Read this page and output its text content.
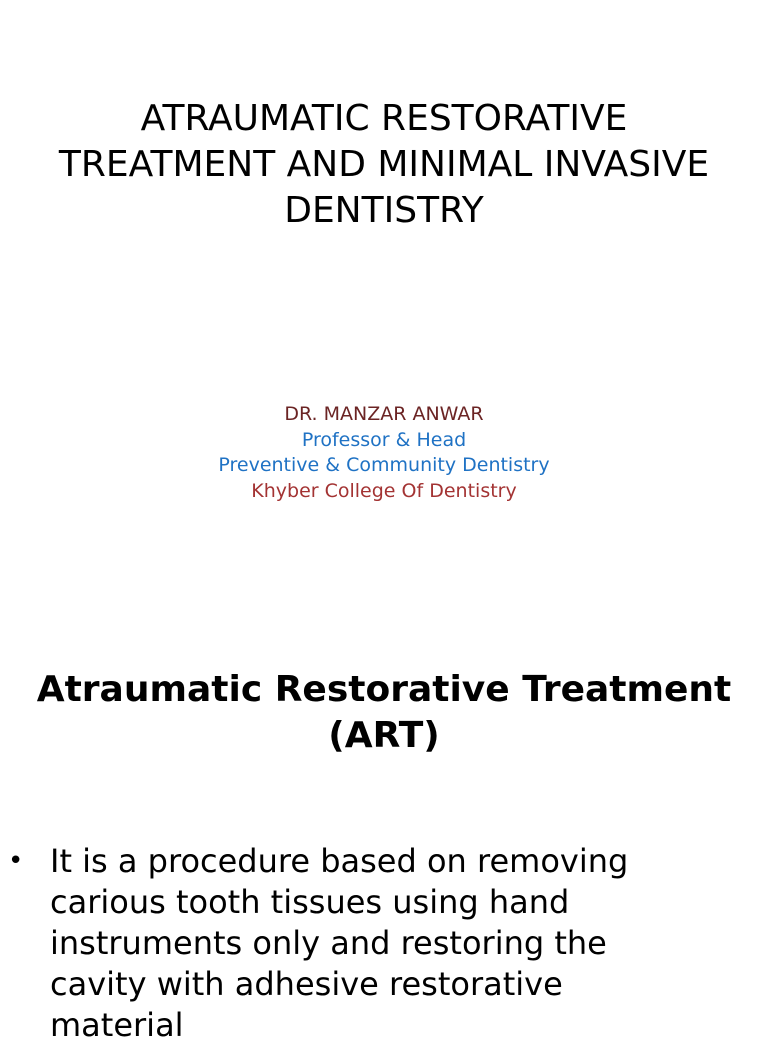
ATRAUMATIC RESTORATIVE
TREATMENT AND MINIMAL INVASIVE
DENTISTRY
DR. MANZAR ANWAR
Professor & Head
Preventive & Community Dentistry
Khyber College Of Dentistry
Atraumatic Restorative Treatment
(ART)
• It is a procedure based on removing
carious tooth tissues using hand
instruments only and restoring the
cavity with adhesive restorative
material
